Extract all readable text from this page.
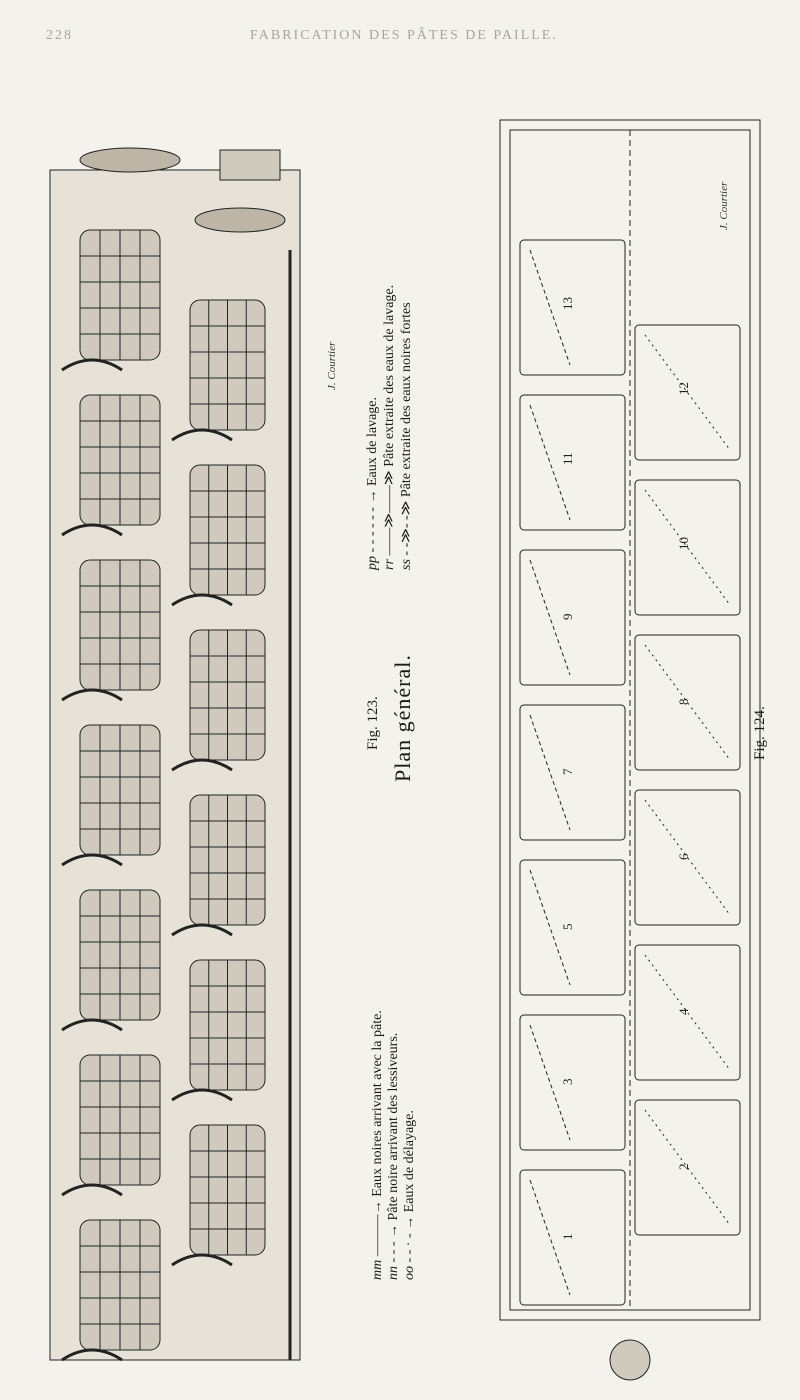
228	FABRICATION DES PÂTES DE PAILLE.
1
3
5
7
9
11
13
2
4
6
8
10
12
J. Courtier
Fig. 123. Plan général.	Fig. 124.
J. Courtier
mm ———→ Eaux noires arrivant avec la pâte.
nn - - - → Pâte noire arrivant des lessiveurs.
oo - - · - → Eaux de délayage.
pp - - - - - - → Eaux de lavage.
rr ——≫——≫ Pâte extraite des eaux de lavage.
ss - -≫- -≫ Pâte extraite des eaux noires fortes
